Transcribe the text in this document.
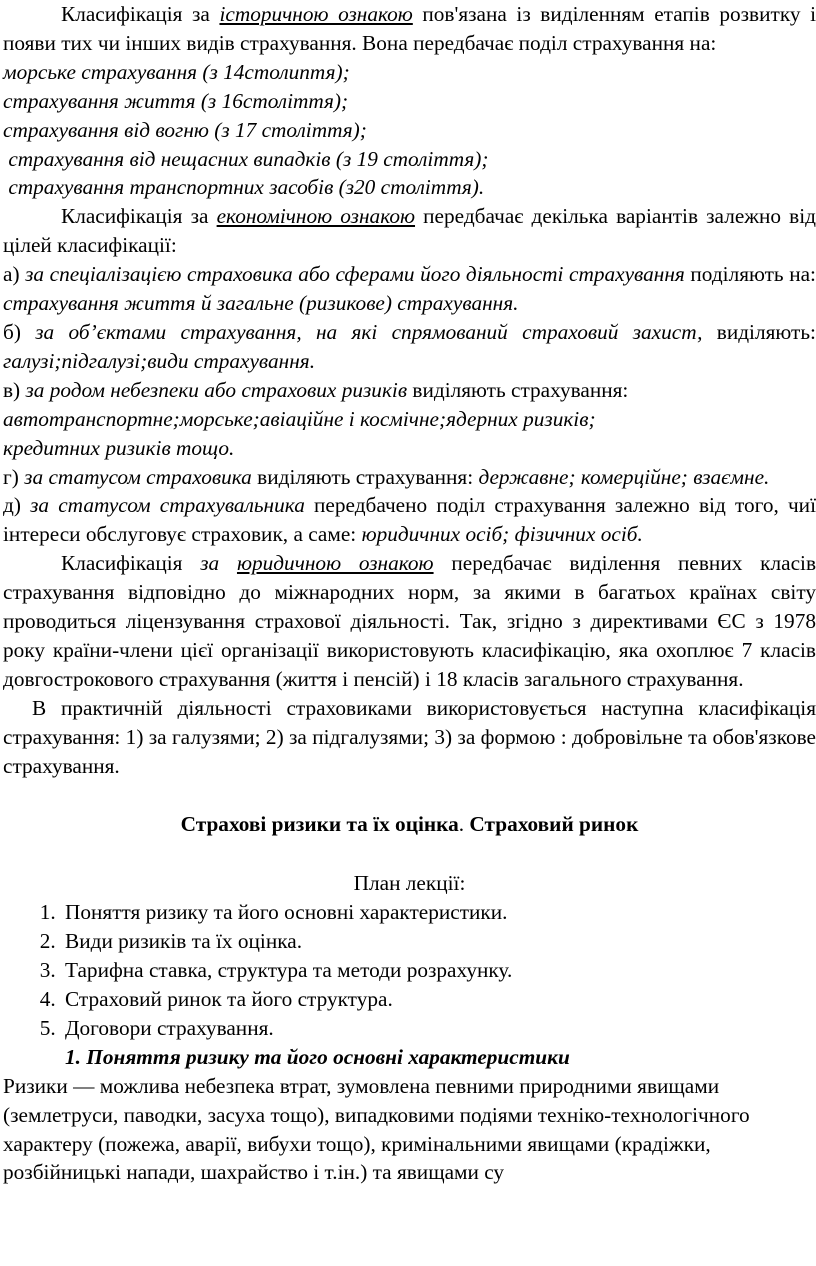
Класифікація за історичною ознакою пов'язана із виділенням етапів розвитку і появи тих чи інших видів страхування. Вона передбачає поділ страхування на:

морське страхування (з 14столиптя);

страхування життя (з 16століття);

страхування від вогню (з 17 століття);

страхування від нещасних випадків (з 19 століття);

страхування транспортних засобів (з20 століття).

Класифікація за економічною ознакою передбачає декілька варіантів залежно від цілей класифікації:

а) за спеціалізацією страховика або сферами його діяльності страхування поділяють на: страхування життя й загальне (ризикове) страхування.

б) за об’єктами страхування, на які спрямований страховий захист, виділяють: галузі;підгалузі;види страхування.

в) за родом небезпеки або страхових ризиків виділяють страхування:
автотранспортне;морське;авіаційне і космічне;ядерних ризиків;
кредитних ризиків тощо.

г) за статусом страховика виділяють страхування: державне; комерційне; взаємне.

д) за статусом страхувальника передбачено поділ страхування залежно від того, чиї інтереси обслуговує страховик, а саме: юридичних осіб; фізичних осіб.

Класифікація за юридичною ознакою передбачає виділення певних класів страхування відповідно до міжнародних норм, за якими в багатьох країнах світу проводиться ліцензування страхової діяльності. Так, згідно з директивами ЄС з 1978 року країни-члени цієї організації використовують класифікацію, яка охоплює 7 класів довгострокового страхування (життя і пенсій) і 18 класів загального страхування.

В практичній діяльності страховиками використовується наступна класифікація страхування: 1) за галузями; 2) за підгалузями; 3) за формою : добровільне та обов'язкове страхування.

Страхові ризики та їх оцінка. Страховий ринок

План лекції:

1. Поняття ризику та його основні характеристики.
2. Види ризиків та їх оцінка.
3. Тарифна ставка, структура та методи розрахунку.
4. Страховий ринок та його структура.
5. Договори страхування.

1. Поняття ризику та його основні характеристики

Ризики — можлива небезпека втрат, зумовлена певними природними явищами (землетруси, паводки, засуха тощо), випадковими подіями техніко-технологічного характеру (пожежа, аварії, вибухи тощо), кримінальними явищами (крадіжки, розбійницькі напади, шахрайство і т.ін.) та явищами су
